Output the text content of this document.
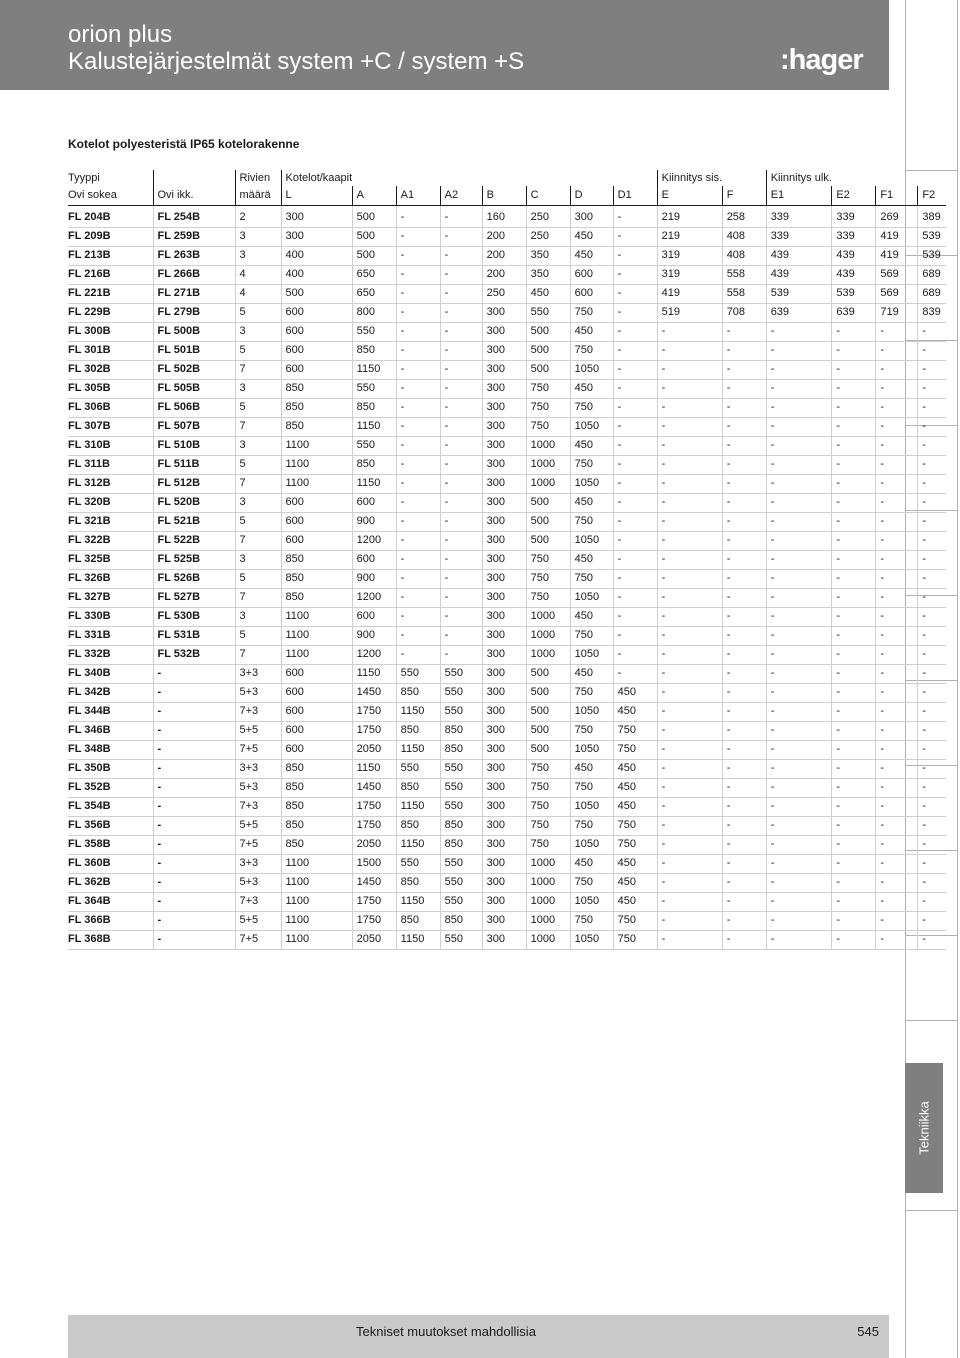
orion plus
Kalustejärjestelmät system +C / system +S	:hager
Tekniikka
Kotelot polyesteristä IP65 kotelorakenne
Tyyppi		Rivien	Kotelot/kaapit								Kiinnitys sis.		Kiinnitys ulk.			
Ovi sokea	Ovi ikk.	määrä	L	A	A1	A2	B	C	D	D1	E	F	E1	E2	F1	F2
FL 204B	FL 254B	2	300	500	-	-	160	250	300	-	219	258	339	339	269	389
FL 209B	FL 259B	3	300	500	-	-	200	250	450	-	219	408	339	339	419	539
FL 213B	FL 263B	3	400	500	-	-	200	350	450	-	319	408	439	439	419	539
FL 216B	FL 266B	4	400	650	-	-	200	350	600	-	319	558	439	439	569	689
FL 221B	FL 271B	4	500	650	-	-	250	450	600	-	419	558	539	539	569	689
FL 229B	FL 279B	5	600	800	-	-	300	550	750	-	519	708	639	639	719	839
FL 300B	FL 500B	3	600	550	-	-	300	500	450	-	-	-	-	-	-	-
FL 301B	FL 501B	5	600	850	-	-	300	500	750	-	-	-	-	-	-	-
FL 302B	FL 502B	7	600	1150	-	-	300	500	1050	-	-	-	-	-	-	-
FL 305B	FL 505B	3	850	550	-	-	300	750	450	-	-	-	-	-	-	-
FL 306B	FL 506B	5	850	850	-	-	300	750	750	-	-	-	-	-	-	-
FL 307B	FL 507B	7	850	1150	-	-	300	750	1050	-	-	-	-	-	-	-
FL 310B	FL 510B	3	1100	550	-	-	300	1000	450	-	-	-	-	-	-	-
FL 311B	FL 511B	5	1100	850	-	-	300	1000	750	-	-	-	-	-	-	-
FL 312B	FL 512B	7	1100	1150	-	-	300	1000	1050	-	-	-	-	-	-	-
FL 320B	FL 520B	3	600	600	-	-	300	500	450	-	-	-	-	-	-	-
FL 321B	FL 521B	5	600	900	-	-	300	500	750	-	-	-	-	-	-	-
FL 322B	FL 522B	7	600	1200	-	-	300	500	1050	-	-	-	-	-	-	-
FL 325B	FL 525B	3	850	600	-	-	300	750	450	-	-	-	-	-	-	-
FL 326B	FL 526B	5	850	900	-	-	300	750	750	-	-	-	-	-	-	-
FL 327B	FL 527B	7	850	1200	-	-	300	750	1050	-	-	-	-	-	-	-
FL 330B	FL 530B	3	1100	600	-	-	300	1000	450	-	-	-	-	-	-	-
FL 331B	FL 531B	5	1100	900	-	-	300	1000	750	-	-	-	-	-	-	-
FL 332B	FL 532B	7	1100	1200	-	-	300	1000	1050	-	-	-	-	-	-	-
FL 340B	-	3+3	600	1150	550	550	300	500	450	-	-	-	-	-	-	-
FL 342B	-	5+3	600	1450	850	550	300	500	750	450	-	-	-	-	-	-
FL 344B	-	7+3	600	1750	1150	550	300	500	1050	450	-	-	-	-	-	-
FL 346B	-	5+5	600	1750	850	850	300	500	750	750	-	-	-	-	-	-
FL 348B	-	7+5	600	2050	1150	850	300	500	1050	750	-	-	-	-	-	-
FL 350B	-	3+3	850	1150	550	550	300	750	450	450	-	-	-	-	-	-
FL 352B	-	5+3	850	1450	850	550	300	750	750	450	-	-	-	-	-	-
FL 354B	-	7+3	850	1750	1150	550	300	750	1050	450	-	-	-	-	-	-
FL 356B	-	5+5	850	1750	850	850	300	750	750	750	-	-	-	-	-	-
FL 358B	-	7+5	850	2050	1150	850	300	750	1050	750	-	-	-	-	-	-
FL 360B	-	3+3	1100	1500	550	550	300	1000	450	450	-	-	-	-	-	-
FL 362B	-	5+3	1100	1450	850	550	300	1000	750	450	-	-	-	-	-	-
FL 364B	-	7+3	1100	1750	1150	550	300	1000	1050	450	-	-	-	-	-	-
FL 366B	-	5+5	1100	1750	850	850	300	1000	750	750	-	-	-	-	-	-
FL 368B	-	7+5	1100	2050	1150	550	300	1000	1050	750	-	-	-	-	-	-
Tekniset muutokset mahdollisia	545
